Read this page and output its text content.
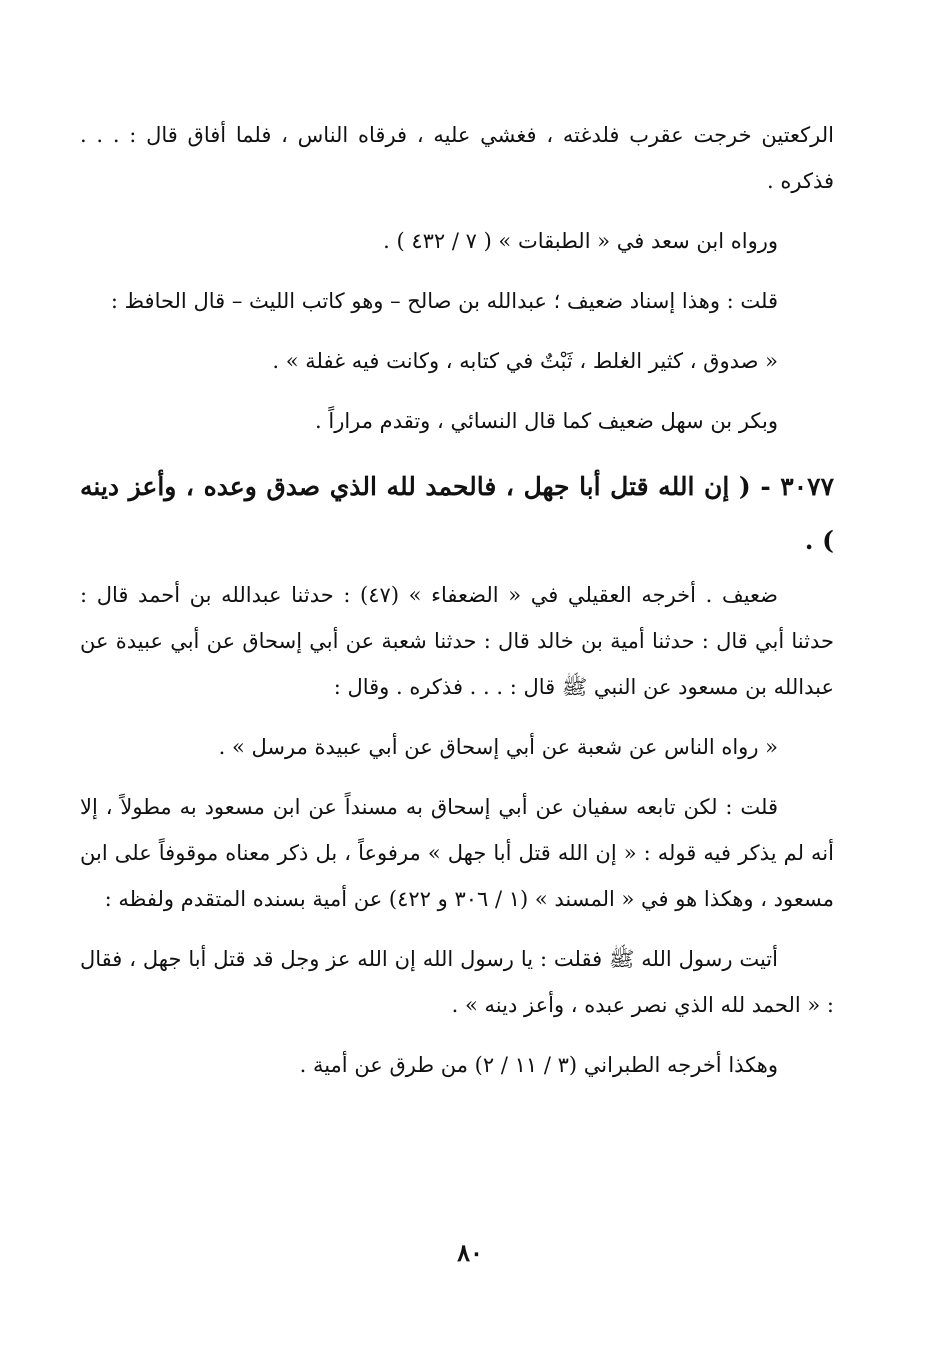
الركعتين خرجت عقرب فلدغته ، فغشي عليه ، فرقاه الناس ، فلما أفاق قال : . . . فذكره .

ورواه ابن سعد في « الطبقات » ( ٧ / ٤٣٢ ) .

قلت : وهذا إسناد ضعيف ؛ عبدالله بن صالح – وهو كاتب الليث – قال الحافظ :

« صدوق ، كثير الغلط ، ثَبْتٌ في كتابه ، وكانت فيه غفلة » .

وبكر بن سهل ضعيف كما قال النسائي ، وتقدم مراراً .

٣٠٧٧ - ( إن الله قتل أبا جهل ، فالحمد لله الذي صدق وعده ، وأعز دينه ) .

ضعيف . أخرجه العقيلي في « الضعفاء » (٤٧) : حدثنا عبدالله بن أحمد قال : حدثنا أبي قال : حدثنا أمية بن خالد قال : حدثنا شعبة عن أبي إسحاق عن أبي عبيدة عن عبدالله بن مسعود عن النبي ﷺ قال : . . . فذكره . وقال :

« رواه الناس عن شعبة عن أبي إسحاق عن أبي عبيدة مرسل » .

قلت : لكن تابعه سفيان عن أبي إسحاق به مسنداً عن ابن مسعود به مطولاً ، إلا أنه لم يذكر فيه قوله : « إن الله قتل أبا جهل » مرفوعاً ، بل ذكر معناه موقوفاً على ابن مسعود ، وهكذا هو في « المسند » (١ / ٣٠٦ و ٤٢٢) عن أمية بسنده المتقدم ولفظه :

أتيت رسول الله ﷺ فقلت : يا رسول الله إن الله عز وجل قد قتل أبا جهل ، فقال : « الحمد لله الذي نصر عبده ، وأعز دينه » .

وهكذا أخرجه الطبراني (٣ / ١١ / ٢) من طرق عن أمية .

٨٠
